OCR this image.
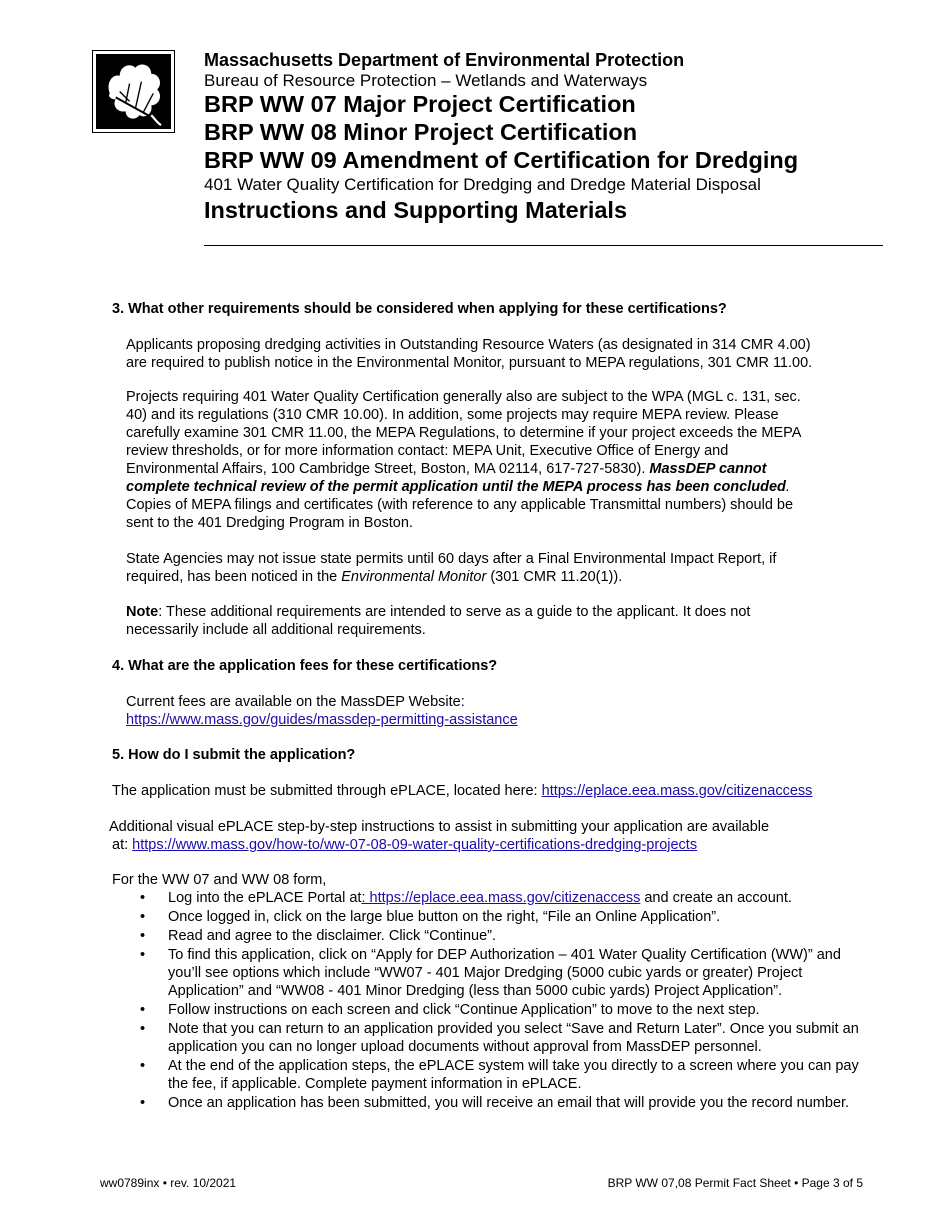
Massachusetts Department of Environmental Protection
Bureau of Resource Protection – Wetlands and Waterways
BRP WW 07 Major Project Certification
BRP WW 08 Minor Project Certification
BRP WW 09 Amendment of Certification for Dredging
401 Water Quality Certification for Dredging and Dredge Material Disposal
Instructions and Supporting Materials
3. What other requirements should be considered when applying for these certifications?
Applicants proposing dredging activities in Outstanding Resource Waters (as designated in 314 CMR 4.00)
are required to publish notice in the Environmental Monitor, pursuant to MEPA regulations, 301 CMR 11.00.
Projects requiring 401 Water Quality Certification generally also are subject to the WPA (MGL c. 131, sec.
40) and its regulations (310 CMR 10.00). In addition, some projects may require MEPA review. Please
carefully examine 301 CMR 11.00, the MEPA Regulations, to determine if your project exceeds the MEPA
review thresholds, or for more information contact: MEPA Unit, Executive Office of Energy and
Environmental Affairs, 100 Cambridge Street, Boston, MA 02114, 617-727-5830). MassDEP cannot
complete technical review of the permit application until the MEPA process has been concluded.
Copies of MEPA filings and certificates (with reference to any applicable Transmittal numbers) should be
sent to the 401 Dredging Program in Boston.
State Agencies may not issue state permits until 60 days after a Final Environmental Impact Report, if
required, has been noticed in the Environmental Monitor (301 CMR 11.20(1)).
Note: These additional requirements are intended to serve as a guide to the applicant. It does not
necessarily include all additional requirements.
4. What are the application fees for these certifications?
Current fees are available on the MassDEP Website:
https://www.mass.gov/guides/massdep-permitting-assistance
5. How do I submit the application?
The application must be submitted through ePLACE, located here: https://eplace.eea.mass.gov/citizenaccess
Additional visual ePLACE step-by-step instructions to assist in submitting your application are available
at: https://www.mass.gov/how-to/ww-07-08-09-water-quality-certifications-dredging-projects
For the WW 07 and WW 08 form,
• Log into the ePLACE Portal at: https://eplace.eea.mass.gov/citizenaccess and create an account.
• Once logged in, click on the large blue button on the right, “File an Online Application”.
• Read and agree to the disclaimer. Click “Continue”.
• To find this application, click on “Apply for DEP Authorization – 401 Water Quality Certification (WW)” and you’ll see options which include “WW07 - 401 Major Dredging (5000 cubic yards or greater) Project Application” and “WW08 - 401 Minor Dredging (less than 5000 cubic yards) Project Application”.
• Follow instructions on each screen and click “Continue Application” to move to the next step.
• Note that you can return to an application provided you select “Save and Return Later”. Once you submit an application you can no longer upload documents without approval from MassDEP personnel.
• At the end of the application steps, the ePLACE system will take you directly to a screen where you can pay the fee, if applicable. Complete payment information in ePLACE.
• Once an application has been submitted, you will receive an email that will provide you the record number.
ww0789inx • rev. 10/2021	BRP WW 07,08 Permit Fact Sheet • Page 3 of 5
